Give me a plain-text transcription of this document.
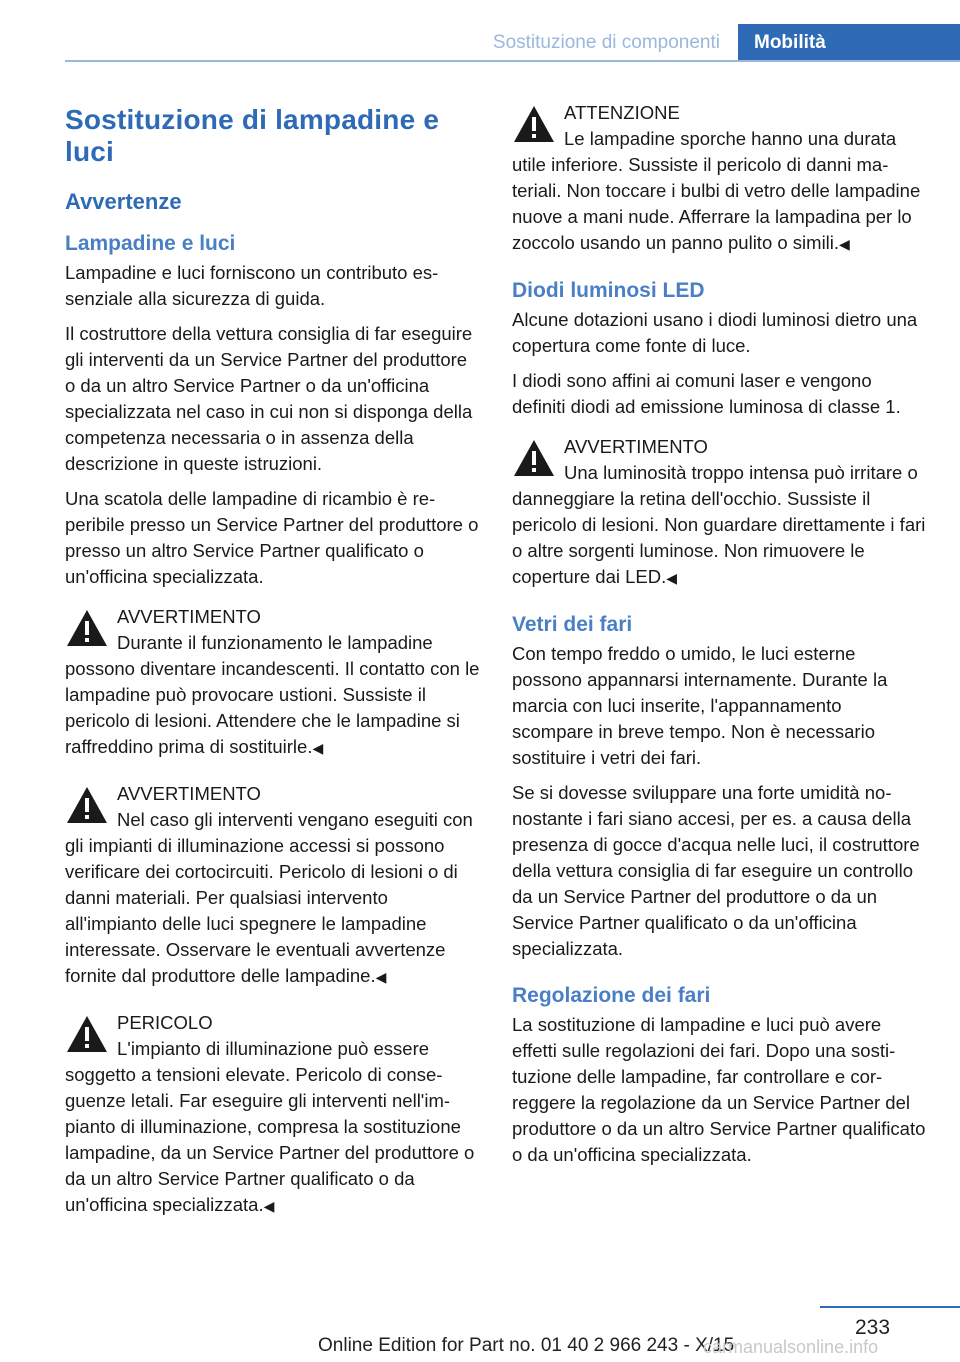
Sostituzione di componenti	Mobilità
Sostituzione di lampadine e luci
Avvertenze
Lampadine e luci

Lampadine e luci forniscono un contributo essenziale alla sicurezza di guida.

Il costruttore della vettura consiglia di far eseguire gli interventi da un Service Partner del produttore o da un altro Service Partner o da un'officina specializzata nel caso in cui non si disponga della competenza necessaria o in assenza della descrizione in queste istruzioni.

Una scatola delle lampadine di ricambio è reperibile presso un Service Partner del produttore o presso un altro Service Partner qualificato o un'officina specializzata.

AVVERTIMENTO
Durante il funzionamento le lampadine possono diventare incandescenti. Il contatto con le lampadine può provocare ustioni. Sussiste il pericolo di lesioni. Attendere che le lampadine si raffreddino prima di sostituirle.◀
AVVERTIMENTO
Nel caso gli interventi vengano eseguiti con gli impianti di illuminazione accessi si possono verificare dei cortocircuiti. Pericolo di lesioni o di danni materiali. Per qualsiasi intervento all'impianto delle luci spegnere le lampadine interessate. Osservare le eventuali avvertenze fornite dal produttore delle lampadine.◀
PERICOLO
L'impianto di illuminazione può essere soggetto a tensioni elevate. Pericolo di conseguenze letali. Far eseguire gli interventi nell'impianto di illuminazione, compresa la sostituzione lampadine, da un Service Partner del produttore o da un altro Service Partner qualificato o da un'officina specializzata.◀
ATTENZIONE
Le lampadine sporche hanno una durata utile inferiore. Sussiste il pericolo di danni materiali. Non toccare i bulbi di vetro delle lampadine nuove a mani nude. Afferrare la lampadina per lo zoccolo usando un panno pulito o simili.◀
Diodi luminosi LED

Alcune dotazioni usano i diodi luminosi dietro una copertura come fonte di luce.

I diodi sono affini ai comuni laser e vengono definiti diodi ad emissione luminosa di classe 1.

AVVERTIMENTO
Una luminosità troppo intensa può irritare o danneggiare la retina dell'occhio. Sussiste il pericolo di lesioni. Non guardare direttamente i fari o altre sorgenti luminose. Non rimuovere le coperture dai LED.◀
Vetri dei fari

Con tempo freddo o umido, le luci esterne possono appannarsi internamente. Durante la marcia con luci inserite, l'appannamento scompare in breve tempo. Non è necessario sostituire i vetri dei fari.

Se si dovesse sviluppare una forte umidità nonostante i fari siano accesi, per es. a causa della presenza di gocce d'acqua nelle luci, il costruttore della vettura consiglia di far eseguire un controllo da un Service Partner del produttore o da un Service Partner qualificato o da un'officina specializzata.

Regolazione dei fari

La sostituzione di lampadine e luci può avere effetti sulle regolazioni dei fari. Dopo una sostituzione delle lampadine, far controllare e correggere la regolazione da un Service Partner del produttore o da un altro Service Partner qualificato o da un'officina specializzata.

233
Online Edition for Part no. 01 40 2 966 243 - X/15
carmanualsonline.info
